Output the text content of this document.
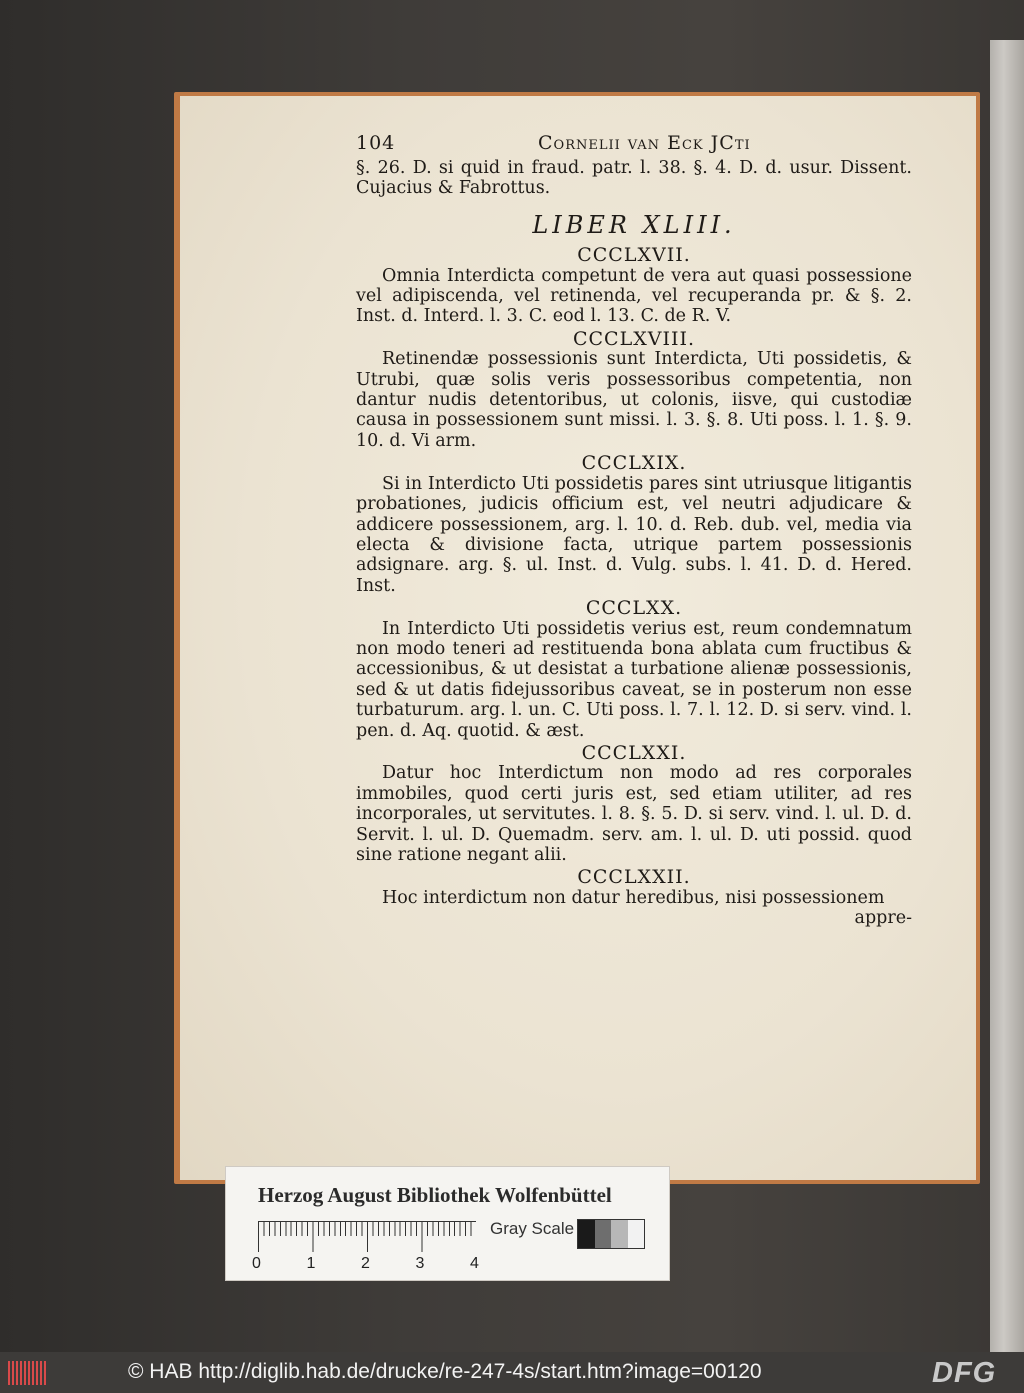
104	Cornelii van Eck JCti

§. 26. D. si quid in fraud. patr. l. 38. §. 4. D. d. usur. Dissent. Cujacius & Fabrottus.

LIBER XLIII.

CCCLXVII.

Omnia Interdicta competunt de vera aut quasi possessione vel adipiscenda, vel retinenda, vel recuperanda pr. & §. 2. Inst. d. Interd. l. 3. C. eod l. 13. C. de R. V.

CCCLXVIII.

Retinendæ possessionis sunt Interdicta, Uti possidetis, & Utrubi, quæ solis veris possessoribus competentia, non dantur nudis detentoribus, ut colonis, iisve, qui custodiæ causa in possessionem sunt missi. l. 3. §. 8. Uti poss. l. 1. §. 9. 10. d. Vi arm.

CCCLXIX.

Si in Interdicto Uti possidetis pares sint utriusque litigantis probationes, judicis officium est, vel neutri adjudicare & addicere possessionem, arg. l. 10. d. Reb. dub. vel, media via electa & divisione facta, utrique partem possessionis adsignare. arg. §. ul. Inst. d. Vulg. subs. l. 41. D. d. Hered. Inst.

CCCLXX.

In Interdicto Uti possidetis verius est, reum condemnatum non modo teneri ad restituenda bona ablata cum fructibus & accessionibus, & ut desistat a turbatione alienæ possessionis, sed & ut datis fidejussoribus caveat, se in posterum non esse turbaturum. arg. l. un. C. Uti poss. l. 7. l. 12. D. si serv. vind. l. pen. d. Aq. quotid. & æst.

CCCLXXI.

Datur hoc Interdictum non modo ad res corporales immobiles, quod certi juris est, sed etiam utiliter, ad res incorporales, ut servitutes. l. 8. §. 5. D. si serv. vind. l. ul. D. d. Servit. l. ul. D. Quemadm. serv. am. l. ul. D. uti possid. quod sine ratione negant alii.

CCCLXXII.

Hoc interdictum non datur heredibus, nisi possessionem

appre-

Herzog August Bibliothek Wolfenbüttel
0	1	2	3	4
Gray Scale
© HAB http://diglib.hab.de/drucke/re-247-4s/start.htm?image=00120	DFG
